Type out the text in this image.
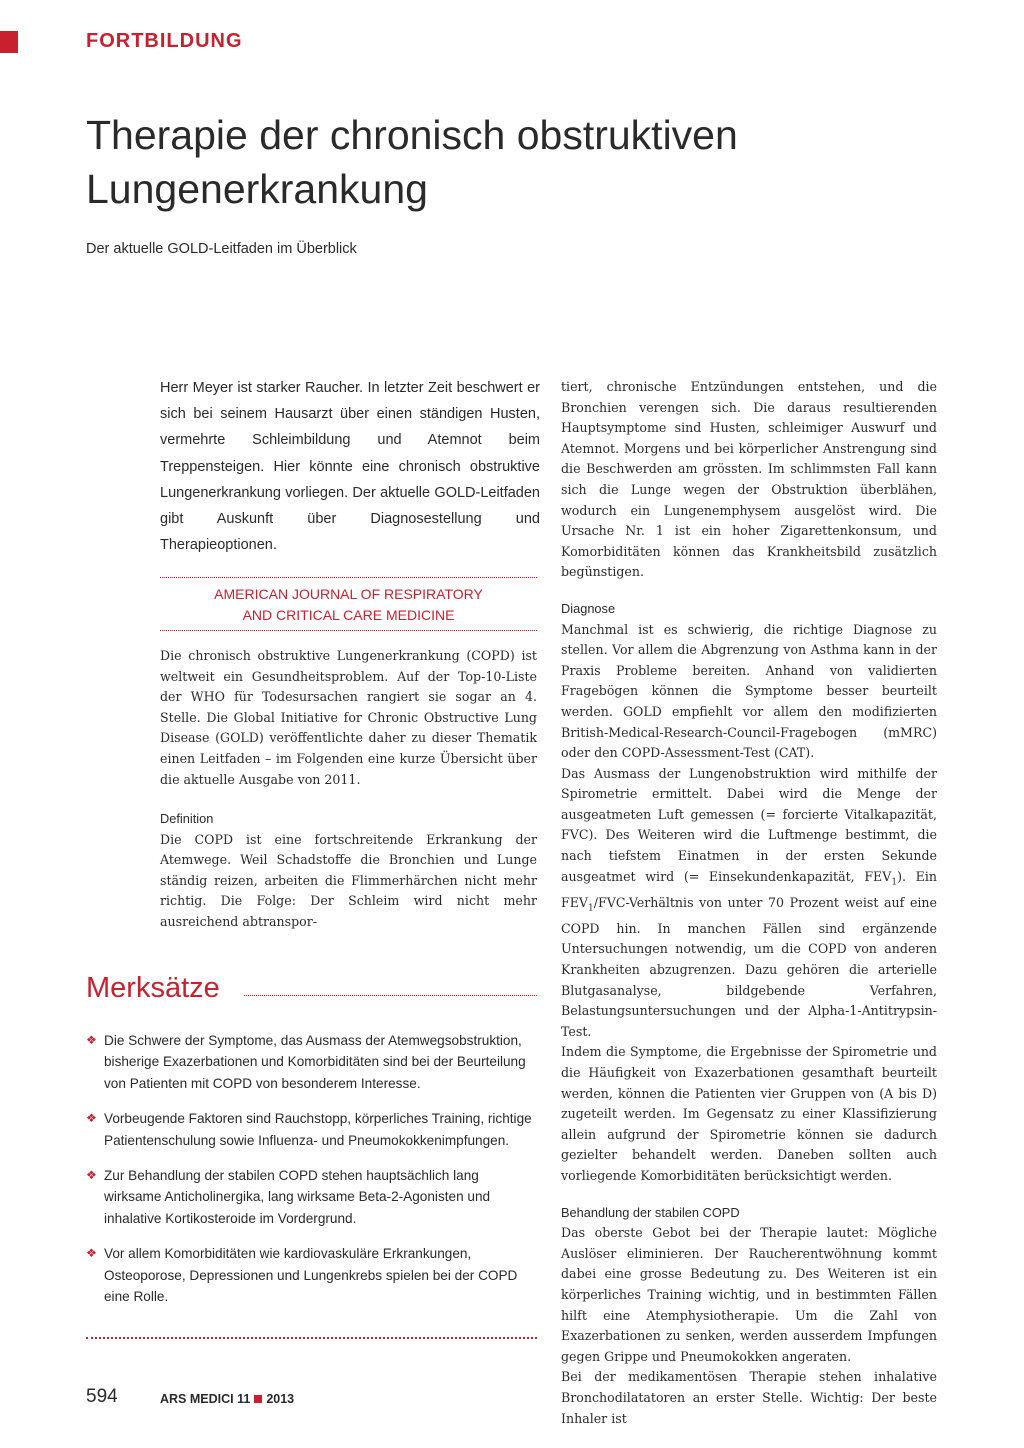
FORTBILDUNG
Therapie der chronisch obstruktiven Lungenerkrankung

Der aktuelle GOLD-Leitfaden im Überblick

Herr Meyer ist starker Raucher. In letzter Zeit beschwert er sich bei seinem Hausarzt über einen ständigen Husten, vermehrte Schleimbildung und Atemnot beim Treppensteigen. Hier könnte eine chronisch obstruktive Lungenerkrankung vorliegen. Der aktuelle GOLD-Leitfaden gibt Auskunft über Diagnosestellung und Therapieoptionen.

AMERICAN JOURNAL OF RESPIRATORY
AND CRITICAL CARE MEDICINE

Die chronisch obstruktive Lungenerkrankung (COPD) ist weltweit ein Gesundheitsproblem. Auf der Top-10-Liste der WHO für Todesursachen rangiert sie sogar an 4. Stelle. Die Global Initiative for Chronic Obstructive Lung Disease (GOLD) veröffentlichte daher zu dieser Thematik einen Leitfaden – im Folgenden eine kurze Übersicht über die aktuelle Ausgabe von 2011.

Definition

Die COPD ist eine fortschreitende Erkrankung der Atemwege. Weil Schadstoffe die Bronchien und Lunge ständig reizen, arbeiten die Flimmerhärchen nicht mehr richtig. Die Folge: Der Schleim wird nicht mehr ausreichend abtranspor-

Merksätze
❖ Die Schwere der Symptome, das Ausmass der Atemwegsobstruktion, bisherige Exazerbationen und Komorbiditäten sind bei der Beurteilung von Patienten mit COPD von besonderem Interesse.
❖ Vorbeugende Faktoren sind Rauchstopp, körperliches Training, richtige Patientenschulung sowie Influenza- und Pneumokokkenimpfungen.
❖ Zur Behandlung der stabilen COPD stehen hauptsächlich lang wirksame Anticholinergika, lang wirksame Beta-2-Agonisten und inhalative Kortikosteroide im Vordergrund.
❖ Vor allem Komorbiditäten wie kardiovaskuläre Erkrankungen, Osteoporose, Depressionen und Lungenkrebs spielen bei der COPD eine Rolle.

tiert, chronische Entzündungen entstehen, und die Bronchien verengen sich. Die daraus resultierenden Hauptsymptome sind Husten, schleimiger Auswurf und Atemnot. Morgens und bei körperlicher Anstrengung sind die Beschwerden am grössten. Im schlimmsten Fall kann sich die Lunge wegen der Obstruktion überblähen, wodurch ein Lungenemphysem ausgelöst wird. Die Ursache Nr. 1 ist ein hoher Zigarettenkonsum, und Komorbiditäten können das Krankheitsbild zusätzlich begünstigen.

Diagnose

Manchmal ist es schwierig, die richtige Diagnose zu stellen. Vor allem die Abgrenzung von Asthma kann in der Praxis Probleme bereiten. Anhand von validierten Fragebögen können die Symptome besser beurteilt werden. GOLD empfiehlt vor allem den modifizierten British-Medical-Research-Council-Fragebogen (mMRC) oder den COPD-Assessment-Test (CAT).

Das Ausmass der Lungenobstruktion wird mithilfe der Spirometrie ermittelt. Dabei wird die Menge der ausgeatmeten Luft gemessen (= forcierte Vitalkapazität, FVC). Des Weiteren wird die Luftmenge bestimmt, die nach tiefstem Einatmen in der ersten Sekunde ausgeatmet wird (= Einsekundenkapazität, $FEV_1$). Ein $FEV_1/FVC$-Verhältnis von unter 70 Prozent weist auf eine COPD hin. In manchen Fällen sind ergänzende Untersuchungen notwendig, um die COPD von anderen Krankheiten abzugrenzen. Dazu gehören die arterielle Blutgasanalyse, bildgebende Verfahren, Belastungsuntersuchungen und der Alpha-1-Antitrypsin-Test.

Indem die Symptome, die Ergebnisse der Spirometrie und die Häufigkeit von Exazerbationen gesamthaft beurteilt werden, können die Patienten vier Gruppen von (A bis D) zugeteilt werden. Im Gegensatz zu einer Klassifizierung allein aufgrund der Spirometrie können sie dadurch gezielter behandelt werden. Daneben sollten auch vorliegende Komorbiditäten berücksichtigt werden.

Behandlung der stabilen COPD

Das oberste Gebot bei der Therapie lautet: Mögliche Auslöser eliminieren. Der Raucherentwöhnung kommt dabei eine grosse Bedeutung zu. Des Weiteren ist ein körperliches Training wichtig, und in bestimmten Fällen hilft eine Atemphysiotherapie. Um die Zahl von Exazerbationen zu senken, werden ausserdem Impfungen gegen Grippe und Pneumokokken angeraten.

Bei der medikamentösen Therapie stehen inhalative Bronchodilatatoren an erster Stelle. Wichtig: Der beste Inhaler ist

594	ARS MEDICI 11 2013
